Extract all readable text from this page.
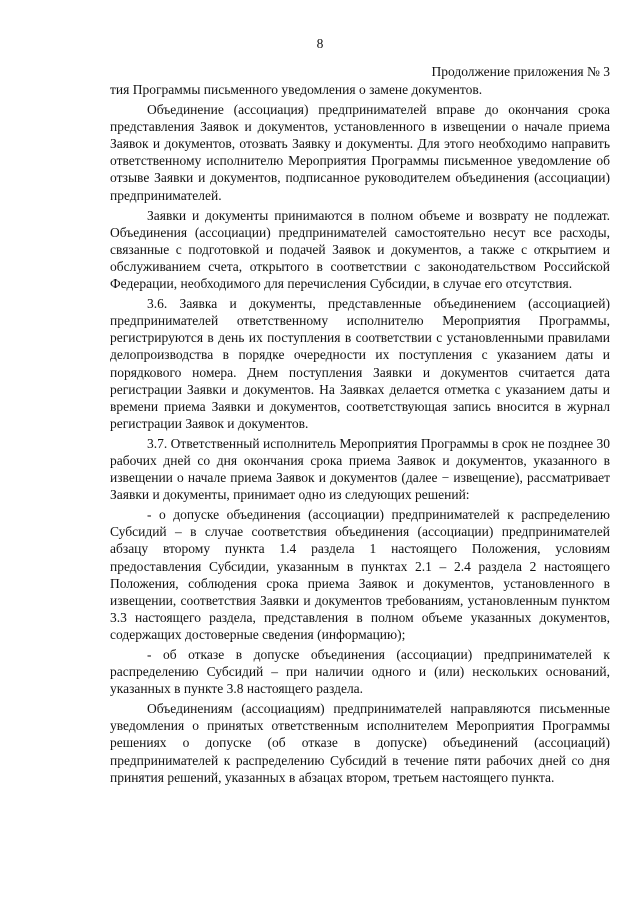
8
Продолжение приложения № 3

тия Программы письменного уведомления о замене документов.

Объединение (ассоциация) предпринимателей вправе до окончания срока представления Заявок и документов, установленного в извещении о начале приема Заявок и документов, отозвать Заявку и документы. Для этого необходимо направить ответственному исполнителю Мероприятия Программы письменное уведомление об отзыве Заявки и документов, подписанное руководителем объединения (ассоциации) предпринимателей.

Заявки и документы принимаются в полном объеме и возврату не подлежат. Объединения (ассоциации) предпринимателей самостоятельно несут все расходы, связанные с подготовкой и подачей Заявок и документов, а также с открытием и обслуживанием счета, открытого в соответствии с законодательством Российской Федерации, необходимого для перечисления Субсидии, в случае его отсутствия.

3.6. Заявка и документы, представленные объединением (ассоциацией) предпринимателей ответственному исполнителю Мероприятия Программы, регистрируются в день их поступления в соответствии с установленными правилами делопроизводства в порядке очередности их поступления с указанием даты и порядкового номера. Днем поступления Заявки и документов считается дата регистрации Заявки и документов. На Заявках делается отметка с указанием даты и времени приема Заявки и документов, соответствующая запись вносится в журнал регистрации Заявок и документов.

3.7. Ответственный исполнитель Мероприятия Программы в срок не позднее 30 рабочих дней со дня окончания срока приема Заявок и документов, указанного в извещении о начале приема Заявок и документов (далее − извещение), рассматривает Заявки и документы, принимает одно из следующих решений:

- о допуске объединения (ассоциации) предпринимателей к распределению Субсидий – в случае соответствия объединения (ассоциации) предпринимателей абзацу второму пункта 1.4 раздела 1 настоящего Положения, условиям предоставления Субсидии, указанным в пунктах 2.1 – 2.4 раздела 2 настоящего Положения, соблюдения срока приема Заявок и документов, установленного в извещении, соответствия Заявки и документов требованиям, установленным пунктом 3.3 настоящего раздела, представления в полном объеме указанных документов, содержащих достоверные сведения (информацию);

- об отказе в допуске объединения (ассоциации) предпринимателей к распределению Субсидий – при наличии одного и (или) нескольких оснований, указанных в пункте 3.8 настоящего раздела.

Объединениям (ассоциациям) предпринимателей направляются письменные уведомления о принятых ответственным исполнителем Мероприятия Программы решениях о допуске (об отказе в допуске) объединений (ассоциаций) предпринимателей к распределению Субсидий в течение пяти рабочих дней со дня принятия решений, указанных в абзацах втором, третьем настоящего пункта.
